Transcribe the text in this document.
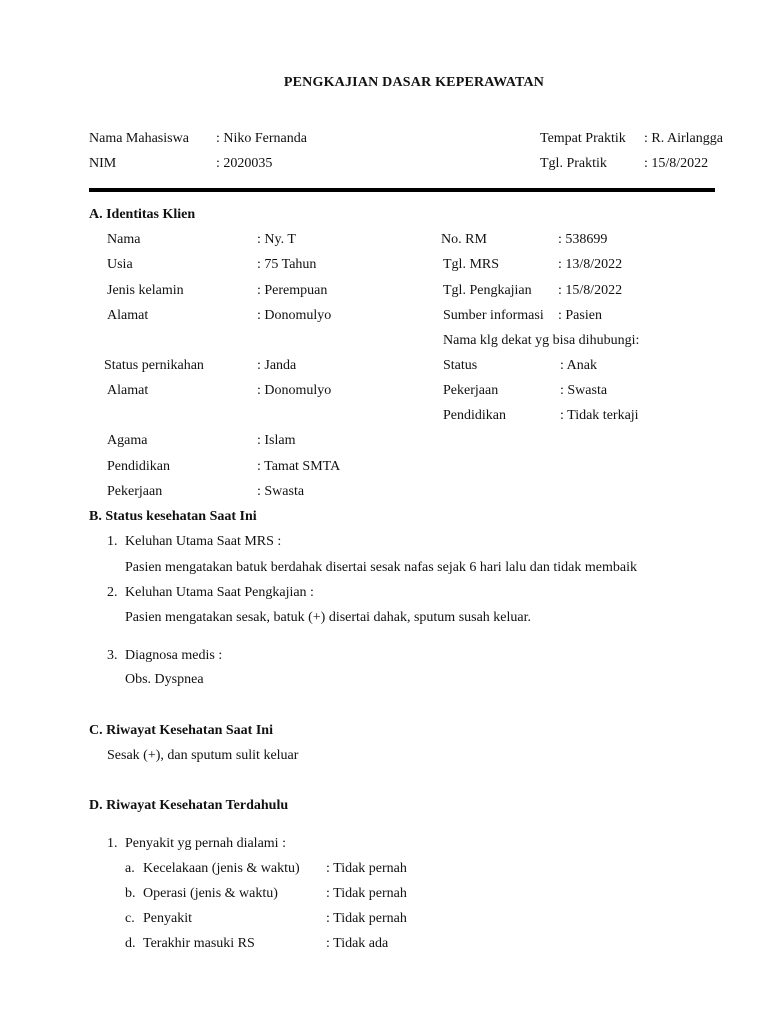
PENGKAJIAN DASAR KEPERAWATAN
Nama Mahasiswa : Niko Fernanda
NIM	: 2020035
Tempat Praktik : R. Airlangga
Tgl. Praktik	: 15/8/2022
A. Identitas Klien
Nama	: Ny. T
Usia	: 75 Tahun
Jenis kelamin	: Perempuan
Alamat	: Donomulyo
Status pernikahan	: Janda
Alamat	: Donomulyo
Agama	: Islam
Pendidikan	: Tamat SMTA
Pekerjaan	: Swasta
No. RM	: 538699
Tgl. MRS	: 13/8/2022
Tgl. Pengkajian : 15/8/2022
Sumber informasi : Pasien
Nama klg dekat yg bisa dihubungi:
Status	: Anak
Pekerjaan	: Swasta
Pendidikan	: Tidak terkaji
B. Status kesehatan Saat Ini
1. Keluhan Utama Saat MRS :
Pasien mengatakan batuk berdahak disertai sesak nafas sejak 6 hari lalu dan tidak membaik
2. Keluhan Utama Saat Pengkajian :
Pasien mengatakan sesak, batuk (+) disertai dahak, sputum susah keluar.
3. Diagnosa medis :
Obs. Dyspnea
C. Riwayat Kesehatan Saat Ini
Sesak (+), dan sputum sulit keluar
D. Riwayat Kesehatan Terdahulu
1. Penyakit yg pernah dialami :
a. Kecelakaan (jenis & waktu) : Tidak pernah
b. Operasi (jenis & waktu)	: Tidak pernah
c. Penyakit	: Tidak pernah
d. Terakhir masuki RS	: Tidak ada
